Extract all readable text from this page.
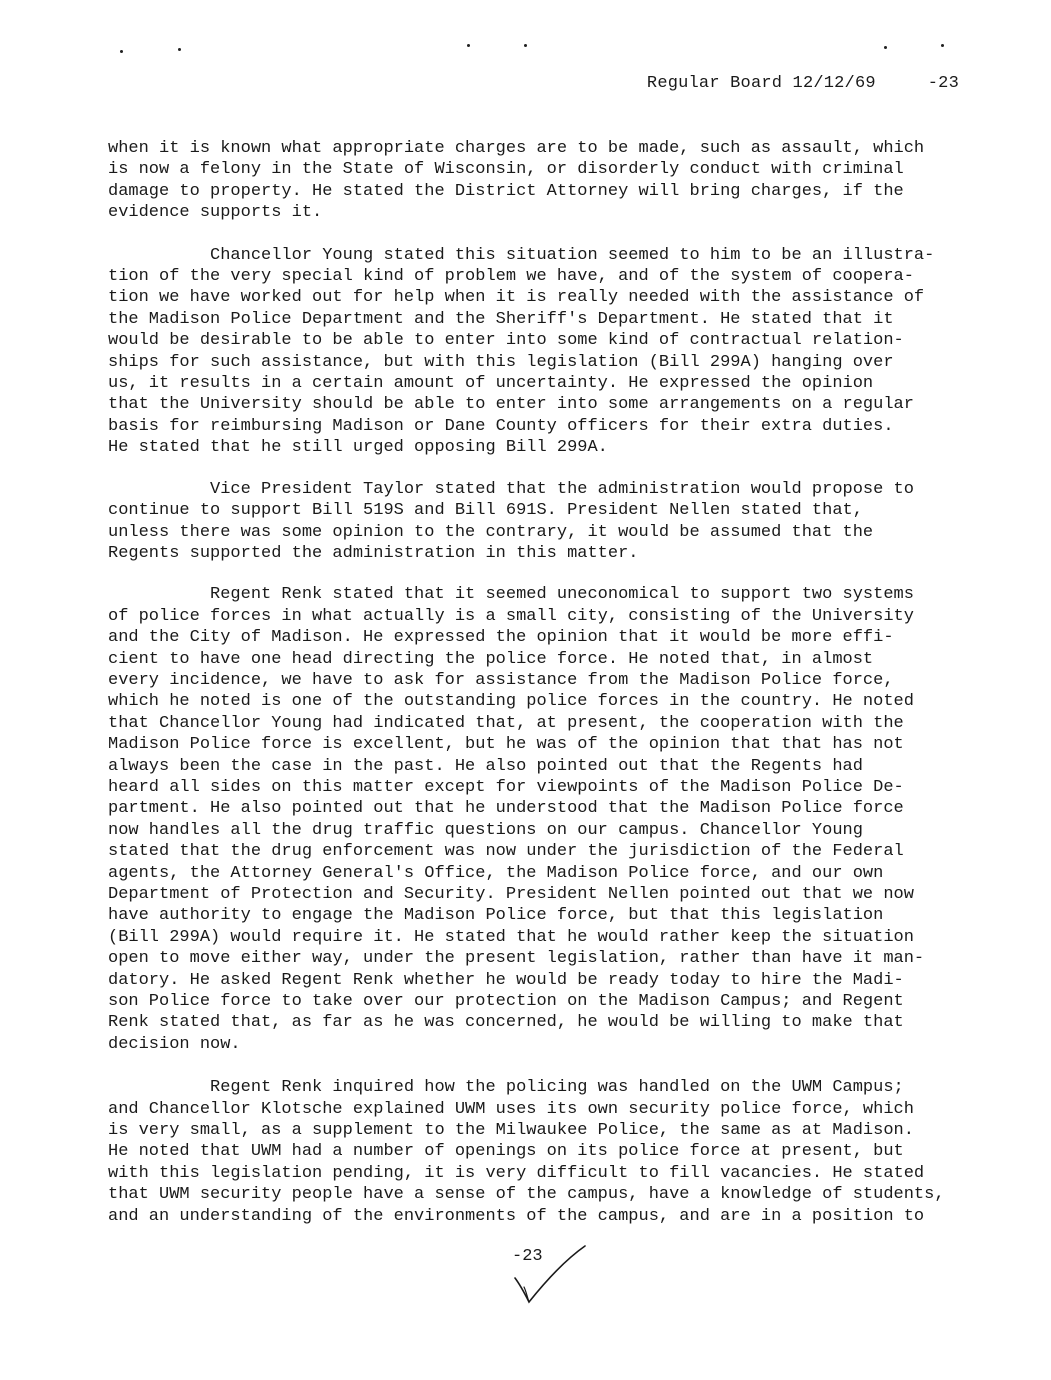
Regular Board 12/12/69	-23

when it is known what appropriate charges are to be made, such as assault, which
is now a felony in the State of Wisconsin, or disorderly conduct with criminal
damage to property. He stated the District Attorney will bring charges, if the
evidence supports it.

Chancellor Young stated this situation seemed to him to be an illustra-
tion of the very special kind of problem we have, and of the system of coopera-
tion we have worked out for help when it is really needed with the assistance of
the Madison Police Department and the Sheriff's Department. He stated that it
would be desirable to be able to enter into some kind of contractual relation-
ships for such assistance, but with this legislation (Bill 299A) hanging over
us, it results in a certain amount of uncertainty. He expressed the opinion
that the University should be able to enter into some arrangements on a regular
basis for reimbursing Madison or Dane County officers for their extra duties.
He stated that he still urged opposing Bill 299A.

Vice President Taylor stated that the administration would propose to
continue to support Bill 519S and Bill 691S. President Nellen stated that,
unless there was some opinion to the contrary, it would be assumed that the
Regents supported the administration in this matter.

Regent Renk stated that it seemed uneconomical to support two systems
of police forces in what actually is a small city, consisting of the University
and the City of Madison. He expressed the opinion that it would be more effi-
cient to have one head directing the police force. He noted that, in almost
every incidence, we have to ask for assistance from the Madison Police force,
which he noted is one of the outstanding police forces in the country. He noted
that Chancellor Young had indicated that, at present, the cooperation with the
Madison Police force is excellent, but he was of the opinion that that has not
always been the case in the past. He also pointed out that the Regents had
heard all sides on this matter except for viewpoints of the Madison Police De-
partment. He also pointed out that he understood that the Madison Police force
now handles all the drug traffic questions on our campus. Chancellor Young
stated that the drug enforcement was now under the jurisdiction of the Federal
agents, the Attorney General's Office, the Madison Police force, and our own
Department of Protection and Security. President Nellen pointed out that we now
have authority to engage the Madison Police force, but that this legislation
(Bill 299A) would require it. He stated that he would rather keep the situation
open to move either way, under the present legislation, rather than have it man-
datory. He asked Regent Renk whether he would be ready today to hire the Madi-
son Police force to take over our protection on the Madison Campus; and Regent
Renk stated that, as far as he was concerned, he would be willing to make that
decision now.

Regent Renk inquired how the policing was handled on the UWM Campus;
and Chancellor Klotsche explained UWM uses its own security police force, which
is very small, as a supplement to the Milwaukee Police, the same as at Madison.
He noted that UWM had a number of openings on its police force at present, but
with this legislation pending, it is very difficult to fill vacancies. He stated
that UWM security people have a sense of the campus, have a knowledge of students,
and an understanding of the environments of the campus, and are in a position to

-23
